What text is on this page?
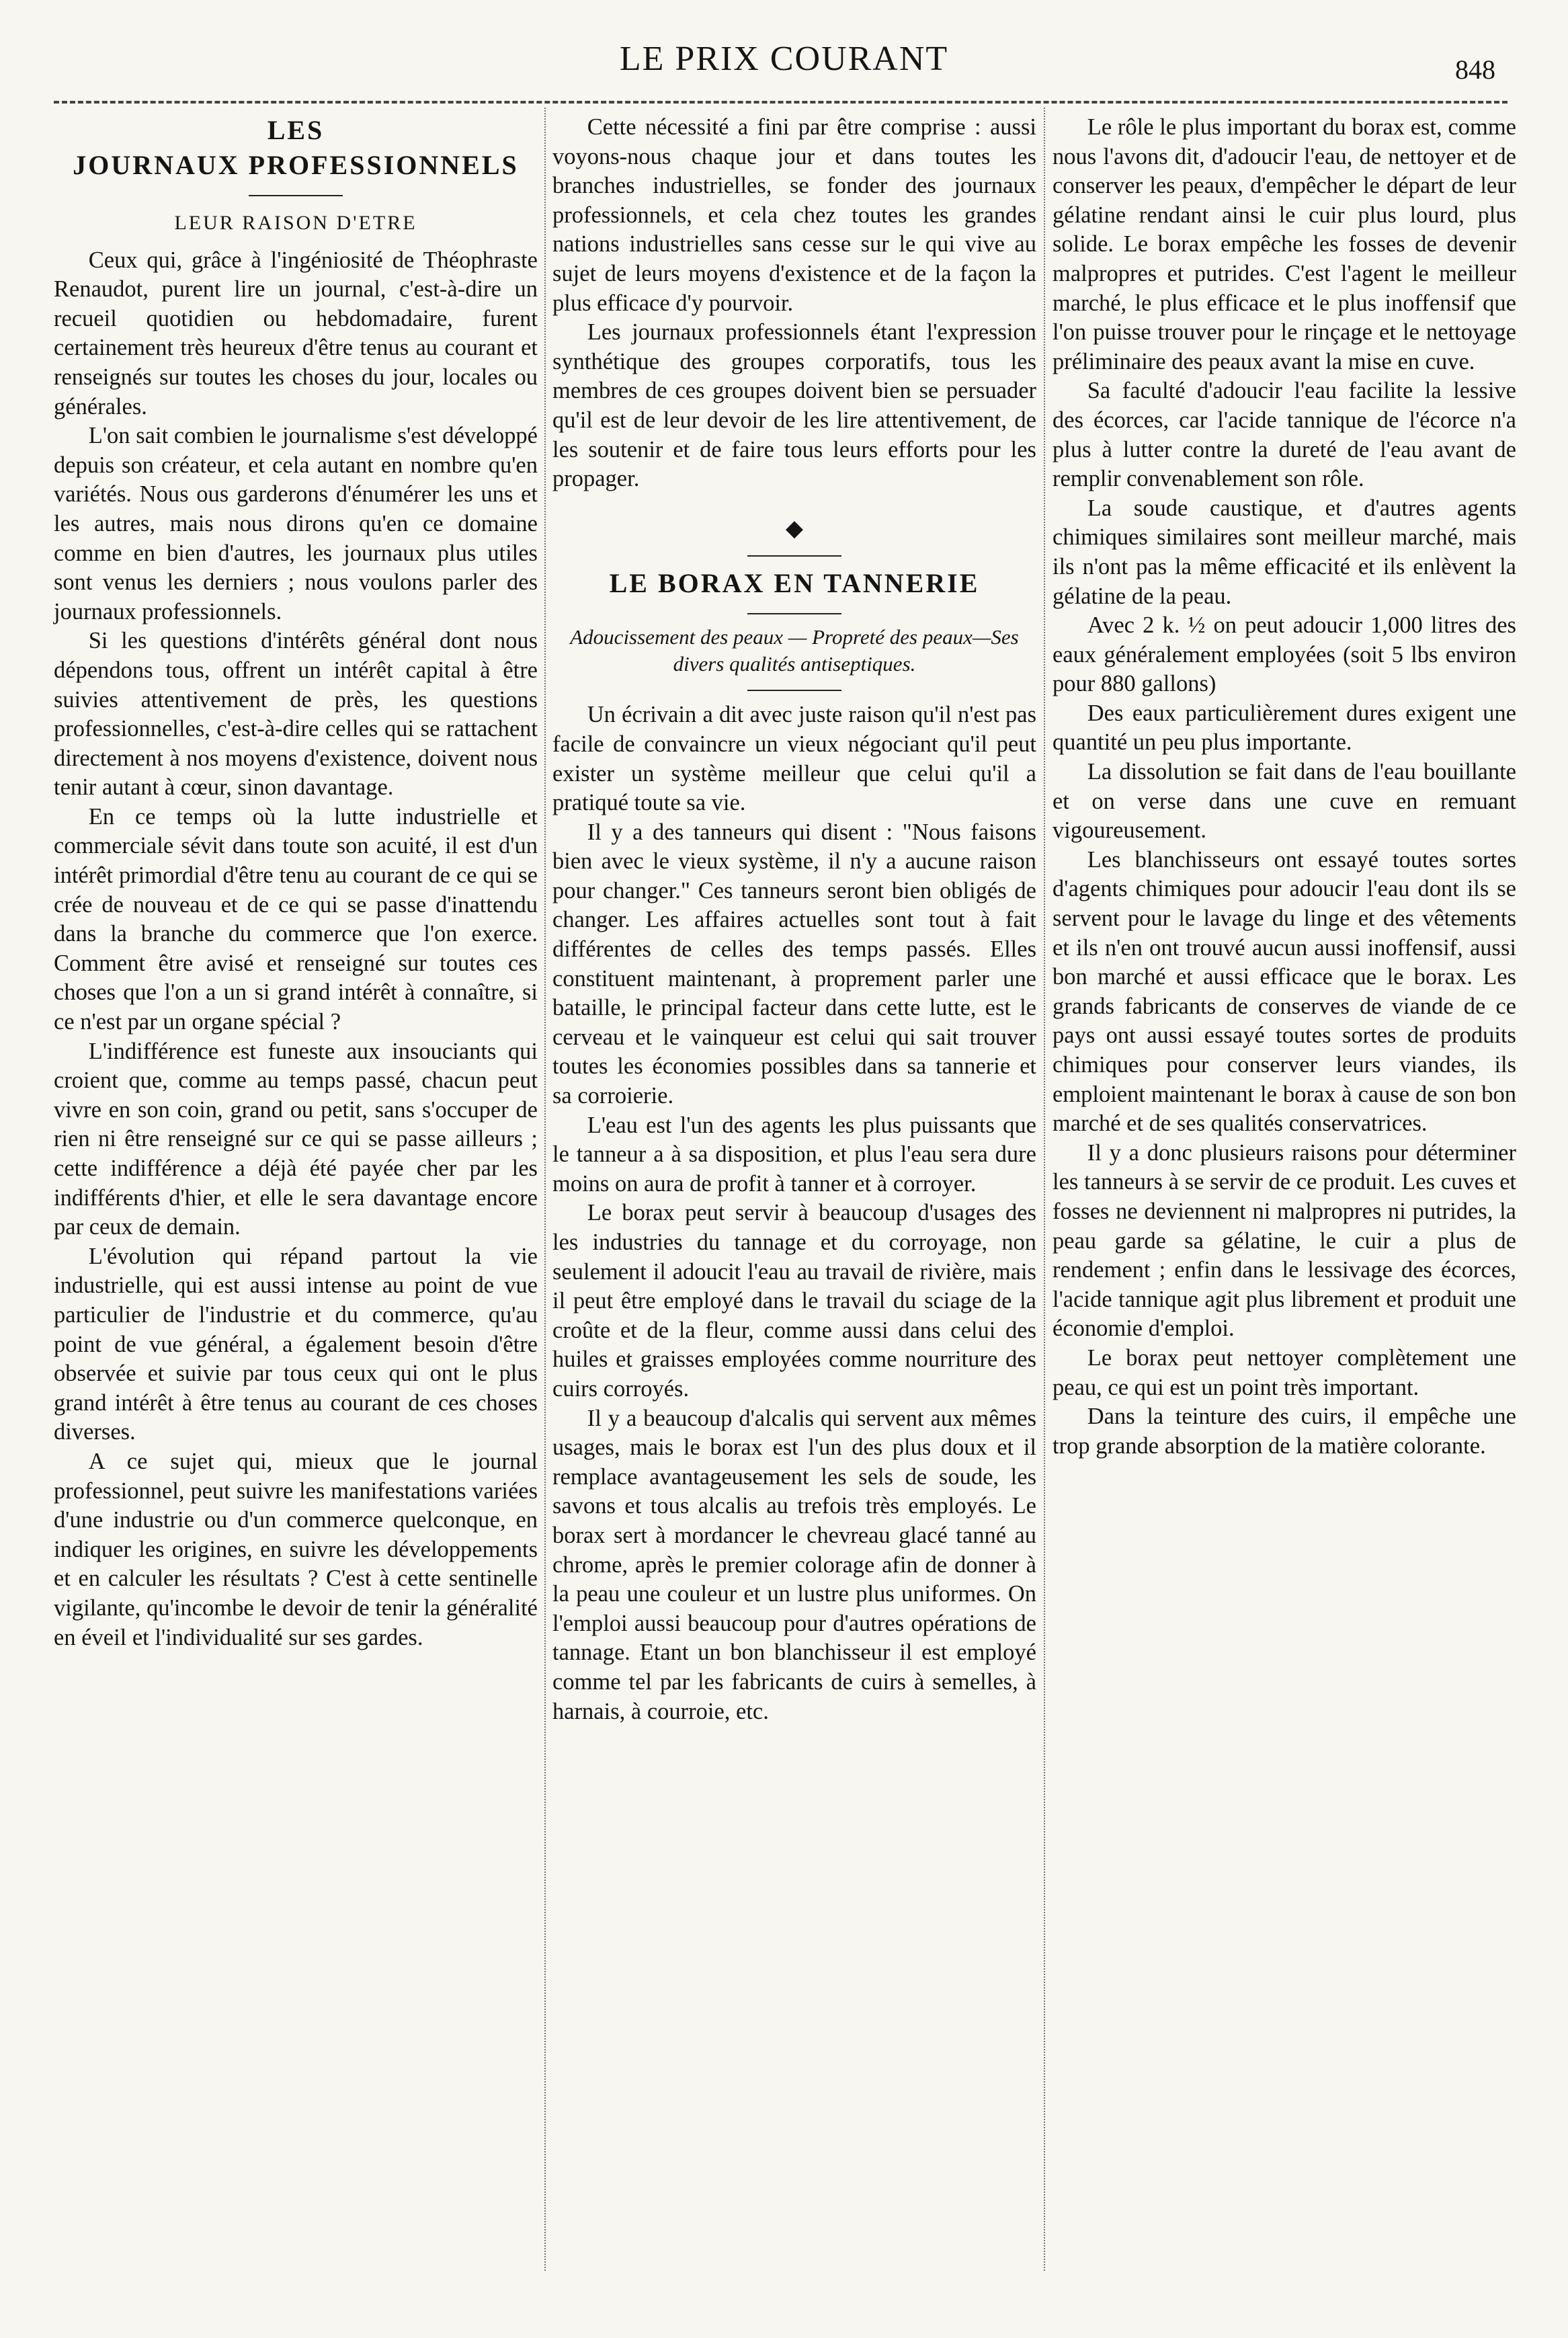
LE PRIX COURANT	848
LES
JOURNAUX PROFESSIONNELS
LEUR RAISON D'ETRE

Ceux qui, grâce à l'ingéniosité de Théophraste Renaudot, purent lire un journal, c'est-à-dire un recueil quotidien ou hebdomadaire, furent certainement très heureux d'être tenus au courant et renseignés sur toutes les choses du jour, locales ou générales.

L'on sait combien le journalisme s'est développé depuis son créateur, et cela autant en nombre qu'en variétés. Nous ous garderons d'énumérer les uns et les autres, mais nous dirons qu'en ce domaine comme en bien d'autres, les journaux plus utiles sont venus les derniers ; nous voulons parler des journaux professionnels.

Si les questions d'intérêts général dont nous dépendons tous, offrent un intérêt capital à être suivies attentivement de près, les questions professionnelles, c'est-à-dire celles qui se rattachent directement à nos moyens d'existence, doivent nous tenir autant à cœur, sinon davantage.

En ce temps où la lutte industrielle et commerciale sévit dans toute son acuité, il est d'un intérêt primordial d'être tenu au courant de ce qui se crée de nouveau et de ce qui se passe d'inattendu dans la branche du commerce que l'on exerce. Comment être avisé et renseigné sur toutes ces choses que l'on a un si grand intérêt à connaître, si ce n'est par un organe spécial ?

L'indifférence est funeste aux insouciants qui croient que, comme au temps passé, chacun peut vivre en son coin, grand ou petit, sans s'occuper de rien ni être renseigné sur ce qui se passe ailleurs ; cette indifférence a déjà été payée cher par les indifférents d'hier, et elle le sera davantage encore par ceux de demain.

L'évolution qui répand partout la vie industrielle, qui est aussi intense au point de vue particulier de l'industrie et du commerce, qu'au point de vue général, a également besoin d'être observée et suivie par tous ceux qui ont le plus grand intérêt à être tenus au courant de ces choses diverses.

A ce sujet qui, mieux que le journal professionnel, peut suivre les manifestations variées d'une industrie ou d'un commerce quelconque, en indiquer les origines, en suivre les développements et en calculer les résultats ? C'est à cette sentinelle vigilante, qu'incombe le devoir de tenir la généralité en éveil et l'individualité sur ses gardes.

Cette nécessité a fini par être comprise : aussi voyons-nous chaque jour et dans toutes les branches industrielles, se fonder des journaux professionnels, et cela chez toutes les grandes nations industrielles sans cesse sur le qui vive au sujet de leurs moyens d'existence et de la façon la plus efficace d'y pourvoir.

Les journaux professionnels étant l'expression synthétique des groupes corporatifs, tous les membres de ces groupes doivent bien se persuader qu'il est de leur devoir de les lire attentivement, de les soutenir et de faire tous leurs efforts pour les propager.

◆
LE BORAX EN TANNERIE
Adoucissement des peaux — Propreté des peaux—Ses divers qualités antiseptiques.

Un écrivain a dit avec juste raison qu'il n'est pas facile de convaincre un vieux négociant qu'il peut exister un système meilleur que celui qu'il a pratiqué toute sa vie.

Il y a des tanneurs qui disent : "Nous faisons bien avec le vieux système, il n'y a aucune raison pour changer." Ces tanneurs seront bien obligés de changer. Les affaires actuelles sont tout à fait différentes de celles des temps passés. Elles constituent maintenant, à proprement parler une bataille, le principal facteur dans cette lutte, est le cerveau et le vainqueur est celui qui sait trouver toutes les économies possibles dans sa tannerie et sa corroierie.

L'eau est l'un des agents les plus puissants que le tanneur a à sa disposition, et plus l'eau sera dure moins on aura de profit à tanner et à corroyer.

Le borax peut servir à beaucoup d'usages des les industries du tannage et du corroyage, non seulement il adoucit l'eau au travail de rivière, mais il peut être employé dans le travail du sciage de la croûte et de la fleur, comme aussi dans celui des huiles et graisses employées comme nourriture des cuirs corroyés.

Il y a beaucoup d'alcalis qui servent aux mêmes usages, mais le borax est l'un des plus doux et il remplace avantageusement les sels de soude, les savons et tous alcalis au trefois très employés. Le borax sert à mordancer le chevreau glacé tanné au chrome, après le premier colorage afin de donner à la peau une couleur et un lustre plus uniformes. On l'emploi aussi beaucoup pour d'autres opérations de tannage. Etant un bon blanchisseur il est employé comme tel par les fabricants de cuirs à semelles, à harnais, à courroie, etc.

Le rôle le plus important du borax est, comme nous l'avons dit, d'adoucir l'eau, de nettoyer et de conserver les peaux, d'empêcher le départ de leur gélatine rendant ainsi le cuir plus lourd, plus solide. Le borax empêche les fosses de devenir malpropres et putrides. C'est l'agent le meilleur marché, le plus efficace et le plus inoffensif que l'on puisse trouver pour le rinçage et le nettoyage préliminaire des peaux avant la mise en cuve.

Sa faculté d'adoucir l'eau facilite la lessive des écorces, car l'acide tannique de l'écorce n'a plus à lutter contre la dureté de l'eau avant de remplir convenablement son rôle.

La soude caustique, et d'autres agents chimiques similaires sont meilleur marché, mais ils n'ont pas la même efficacité et ils enlèvent la gélatine de la peau.

Avec 2 k. ½ on peut adoucir 1,000 litres des eaux généralement employées (soit 5 lbs environ pour 880 gallons)

Des eaux particulièrement dures exigent une quantité un peu plus importante.

La dissolution se fait dans de l'eau bouillante et on verse dans une cuve en remuant vigoureusement.

Les blanchisseurs ont essayé toutes sortes d'agents chimiques pour adoucir l'eau dont ils se servent pour le lavage du linge et des vêtements et ils n'en ont trouvé aucun aussi inoffensif, aussi bon marché et aussi efficace que le borax. Les grands fabricants de conserves de viande de ce pays ont aussi essayé toutes sortes de produits chimiques pour conserver leurs viandes, ils emploient maintenant le borax à cause de son bon marché et de ses qualités conservatrices.

Il y a donc plusieurs raisons pour déterminer les tanneurs à se servir de ce produit. Les cuves et fosses ne deviennent ni malpropres ni putrides, la peau garde sa gélatine, le cuir a plus de rendement ; enfin dans le lessivage des écorces, l'acide tannique agit plus librement et produit une économie d'emploi.

Le borax peut nettoyer complètement une peau, ce qui est un point très important.

Dans la teinture des cuirs, il empêche une trop grande absorption de la matière colorante.
